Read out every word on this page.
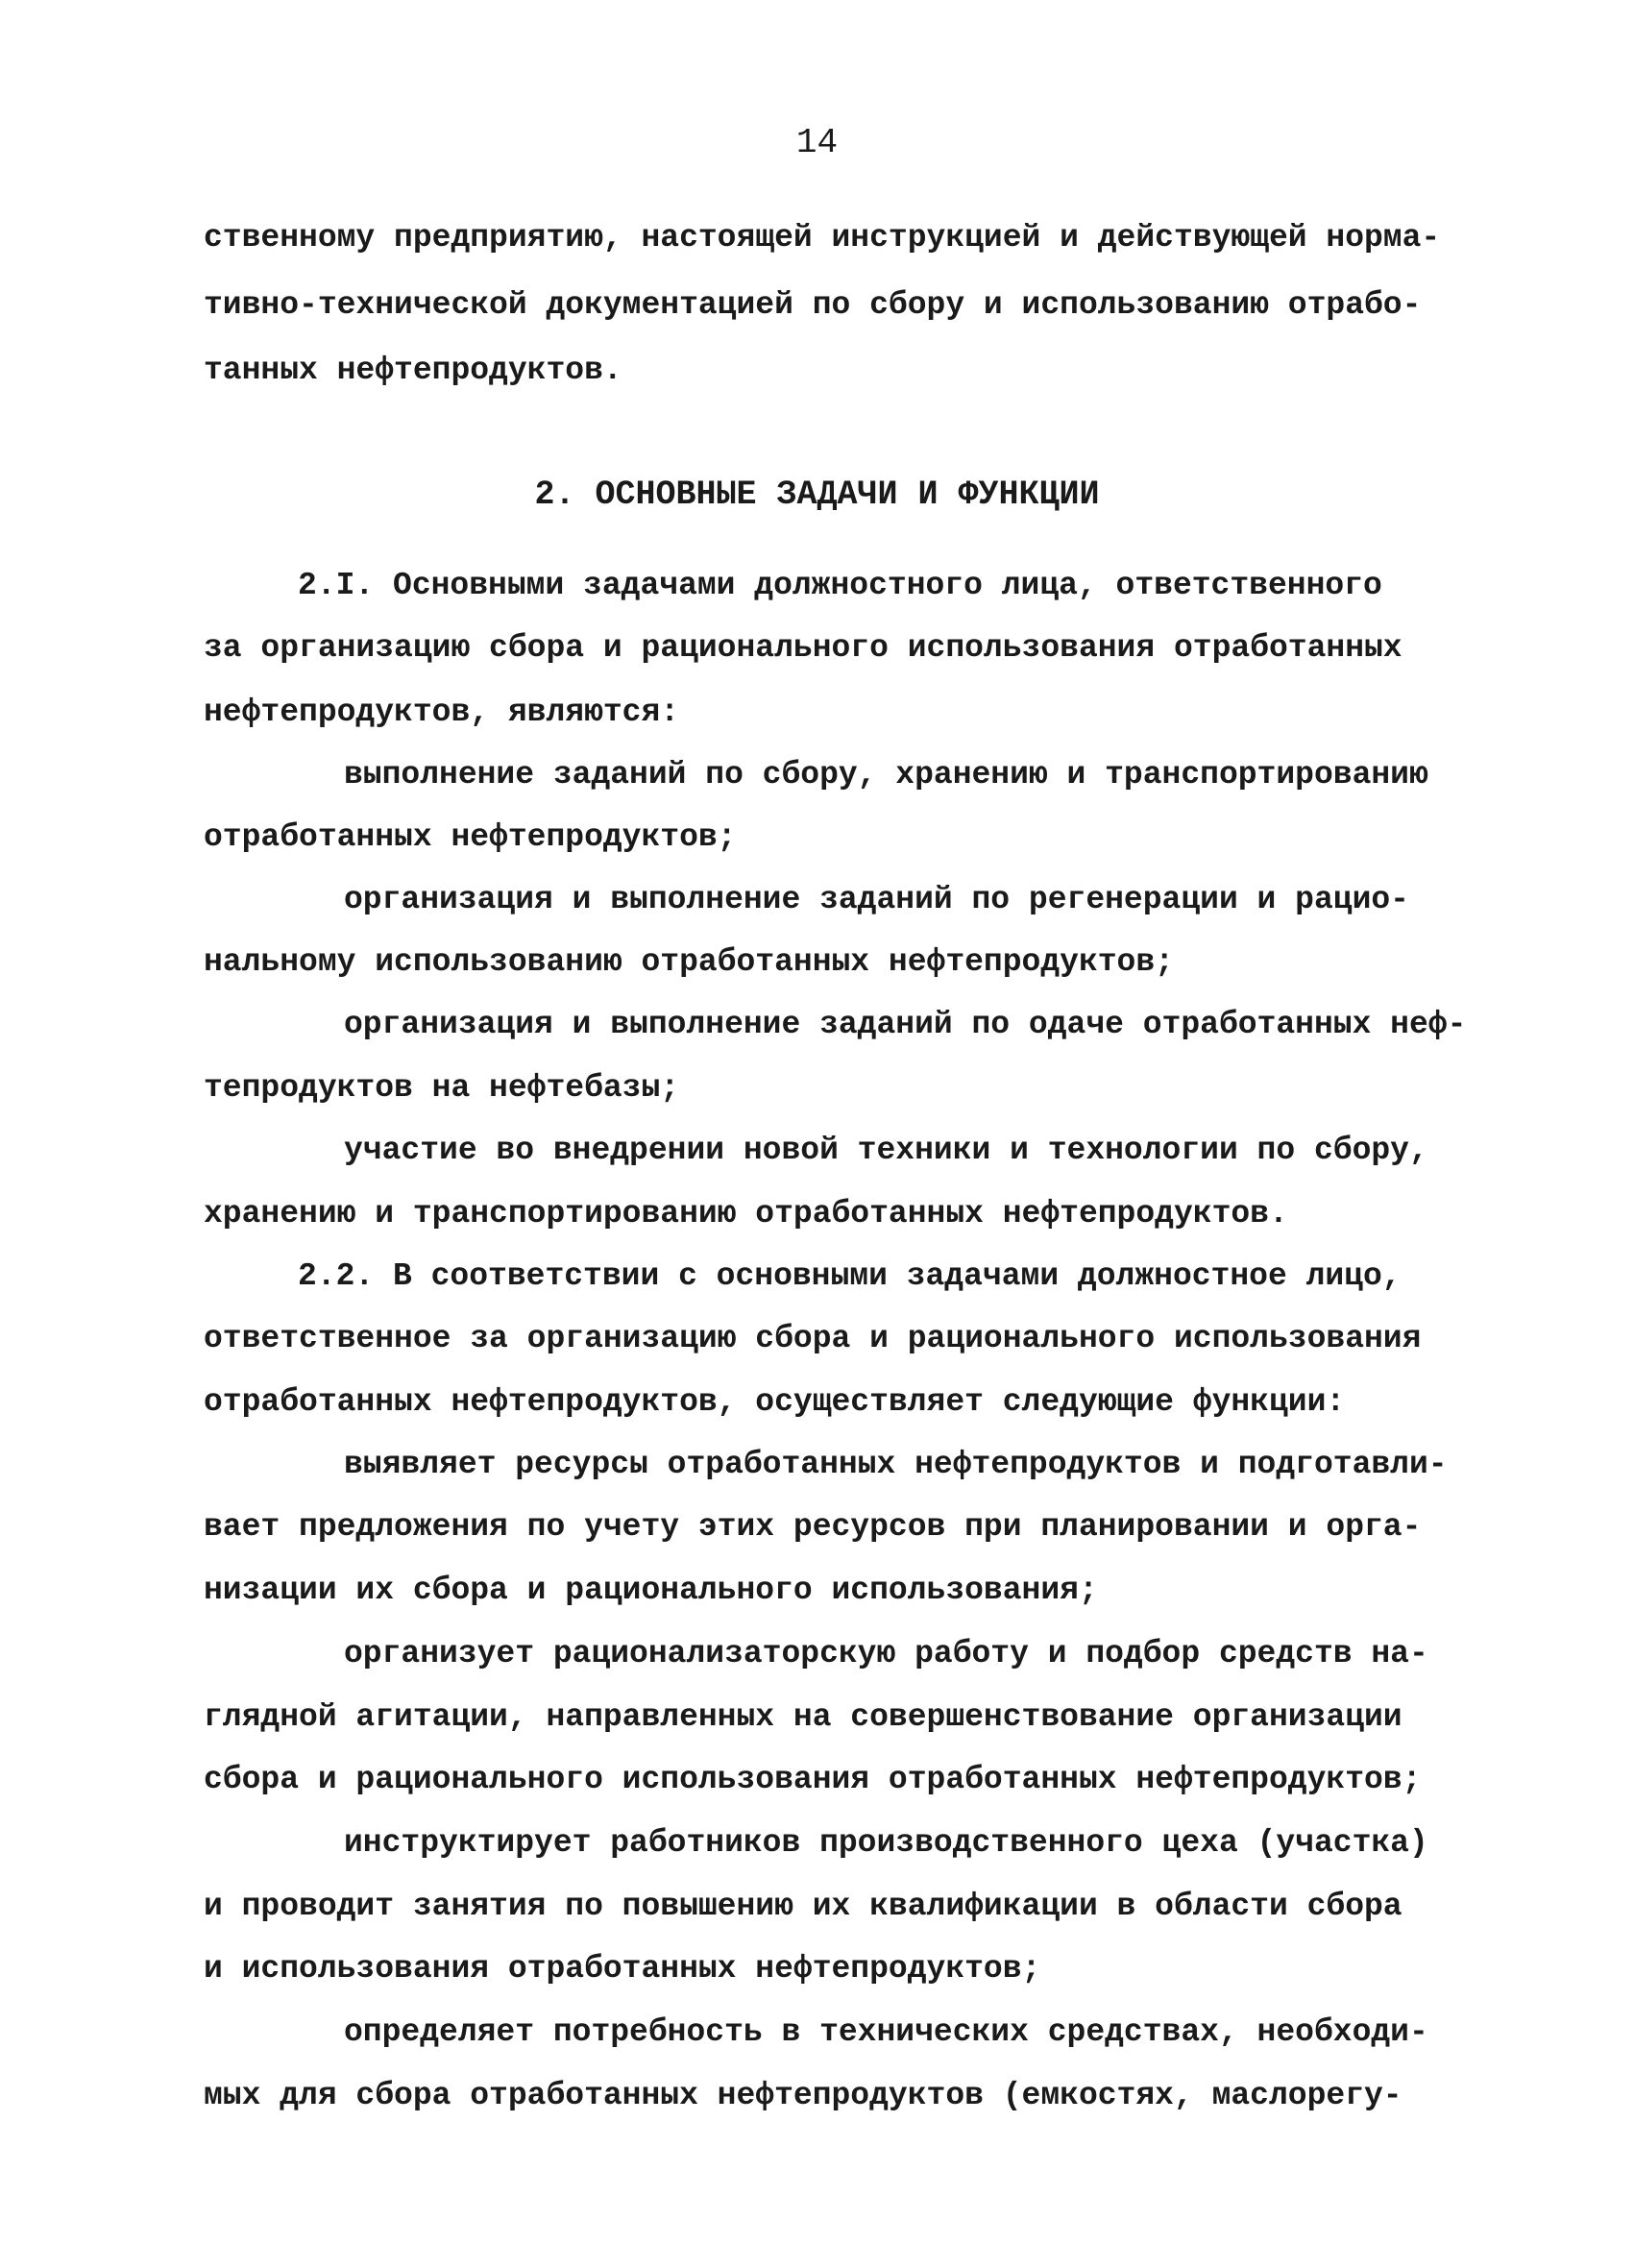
14
ственному предприятию, настоящей инструкцией и действующей норма-
тивно-технической документацией по сбору и использованию отрабо-
танных нефтепродуктов.
2. ОСНОВНЫЕ ЗАДАЧИ И ФУНКЦИИ
2.I. Основными задачами должностного лица, ответственного
за организацию сбора и рационального использования отработанных
нефтепродуктов, являются:
выполнение заданий по сбору, хранению и транспортированию
отработанных нефтепродуктов;
организация и выполнение заданий по регенерации и рацио-
нальному использованию отработанных нефтепродуктов;
организация и выполнение заданий по одаче отработанных неф-
тепродуктов на нефтебазы;
участие во внедрении новой техники и технологии по сбору,
хранению и транспортированию отработанных нефтепродуктов.
2.2. В соответствии с основными задачами должностное лицо,
ответственное за организацию сбора и рационального использования
отработанных нефтепродуктов, осуществляет следующие функции:
выявляет ресурсы отработанных нефтепродуктов и подготавли-
вает предложения по учету этих ресурсов при планировании и орга-
низации их сбора и рационального использования;
организует рационализаторскую работу и подбор средств на-
глядной агитации, направленных на совершенствование организации
сбора и рационального использования отработанных нефтепродуктов;
инструктирует работников производственного цеха (участка)
и проводит занятия по повышению их квалификации в области сбора
и использования отработанных нефтепродуктов;
определяет потребность в технических средствах, необходи-
мых для сбора отработанных нефтепродуктов (емкостях, маслорегу-
